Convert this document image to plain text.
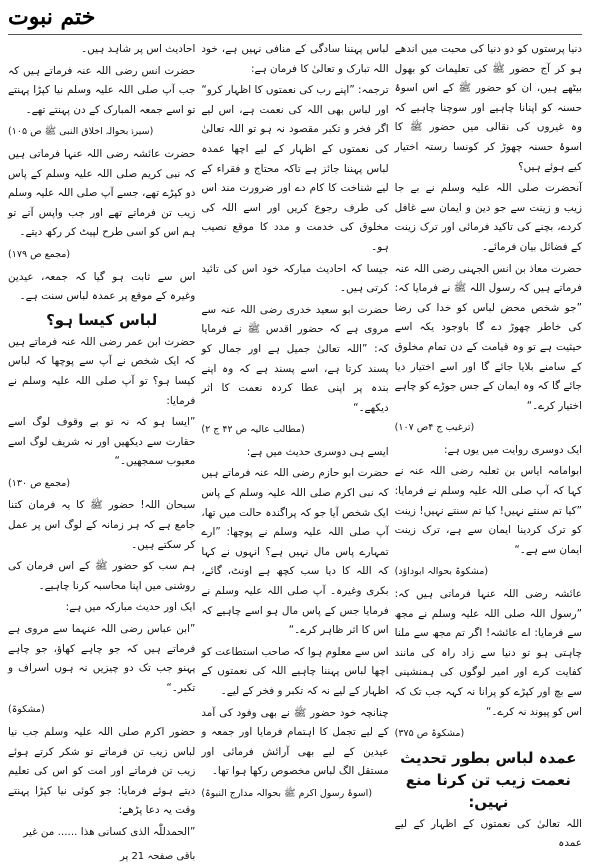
ختم نبوت

دنیا پرستوں کو دو دنیا کی محبت میں اندھے ہو کر آج حضور ﷺ کی تعلیمات کو بھول بیٹھے ہیں، ان کو حضور ﷺ کے اس اسوۂ حسنہ کو اپنانا چاہیے اور سوچنا چاہیے کہ وہ غیروں کی نقالی میں حضور ﷺ کا اسوۂ حسنہ چھوڑ کر کونسا رستہ اختیار کیے ہوئے ہیں؟

آنحضرت صلی اللہ علیہ وسلم نے بے جا زیب و زینت سے جو دین و ایمان سے غافل کردے، بچنے کی تاکید فرمائی اور ترک زینت کے فضائل بیان فرمائے۔

حضرت معاذ بن انس الجہنی رضی اللہ عنہ فرماتے ہیں کہ رسول اللہ ﷺ نے فرمایا کہ: ”جو شخص محض لباس کو خدا کی رضا کی خاطر چھوڑ دے گا باوجود یکہ اسے حیثیت ہے تو وہ قیامت کے دن تمام مخلوق کے سامنے بلایا جائے گا اور اسے اختیار دیا جائے گا کہ وہ ایمان کے جس جوڑے کو چاہے اختیار کرے۔“

(ترغیب ج ۴ص ۱۰۷)

ایک دوسری روایت میں یوں ہے:

ابوامامہ ایاس بن ثعلبہ رضی اللہ عنہ نے کہا کہ آپ صلی اللہ علیہ وسلم نے فرمایا: ”کیا تم سنتے نہیں! کیا تم سنتے نہیں! زینت کو ترک کردینا ایمان سے ہے، ترک زینت ایمان سے ہے۔“

(مشکوۃ بحوالہ ابوداؤد)

عائشہ رضی اللہ عنہا فرماتی ہیں کہ: ”رسول اللہ صلی اللہ علیہ وسلم نے مجھ سے فرمایا: اے عائشہ! اگر تم مجھ سے ملنا چاہتی ہو تو دنیا سے زاد راہ کی مانند کفایت کرے اور امیر لوگوں کی ہمنشینی سے بچ اور کپڑے کو پرانا نہ کہہ جب تک کہ اس کو پیوند نہ کرے۔“

(مشکوۃ ص ۳۷۵)

عمدہ لباس بطور تحدیث نعمت زیب تن کرنا منع نہیں:

اللہ تعالیٰ کی نعمتوں کے اظہار کے لیے عمدہ

لباس پہننا سادگی کے منافی نہیں ہے، خود اللہ تبارک و تعالیٰ کا فرمان ہے:

ترجمہ: ”اپنے رب کی نعمتوں کا اظہار کرو“ اور لباس بھی اللہ کی نعمت ہے، اس لیے اگر فخر و تکبر مقصود نہ ہو تو اللہ تعالیٰ کی نعمتوں کے اظہار کے لیے اچھا عمدہ لباس پہننا جائز ہے تاکہ محتاج و فقراء کے لیے شناخت کا کام دے اور ضرورت مند اس کی طرف رجوع کریں اور اسے اللہ کی مخلوق کی خدمت و مدد کا موقع نصیب ہو۔

جیسا کہ احادیث مبارکہ خود اس کی تائید کرتی ہیں۔

حضرت ابو سعید خدری رضی اللہ عنہ سے مروی ہے کہ حضور اقدس ﷺ نے فرمایا کہ: ”اللہ تعالیٰ جمیل ہے اور جمال کو پسند کرتا ہے، اسے پسند ہے کہ وہ اپنے بندہ پر اپنی عطا کردہ نعمت کا اثر دیکھے۔“

(مطالب عالیہ ص ۴۲ ج ۲)

ایسے ہی دوسری حدیث میں ہے:

حضرت ابو حازم رضی اللہ عنہ فرماتے ہیں کہ نبی اکرم صلی اللہ علیہ وسلم کے پاس ایک شخص آیا جو کہ پراگندہ حالت میں تھا، آپ صلی اللہ علیہ وسلم نے پوچھا: ”ارے تمہارے پاس مال نہیں ہے؟ انہوں نے کہا کہ اللہ کا دیا سب کچھ ہے اونٹ، گائے، بکری وغیرہ۔ آپ صلی اللہ علیہ وسلم نے فرمایا جس کے پاس مال ہو اسے چاہیے کہ اس کا اثر ظاہر کرے۔“

اس سے معلوم ہوا کہ صاحب استطاعت کو اچھا لباس پہننا چاہیے اللہ کی نعمتوں کے اظہار کے لیے نہ کہ تکبر و فخر کے لیے۔

چنانچہ خود حضور ﷺ نے بھی وفود کی آمد کے لیے تجمل کا اہتمام فرمایا اور جمعہ و عیدین کے لیے بھی آرائش فرمائی اور مستقل الگ لباس مخصوص رکھا ہوا تھا۔

(اسوۂ رسول اکرم ﷺ بحوالہ مدارج النبوۃ)

احادیث اس پر شاہد ہیں۔

حضرت انس رضی اللہ عنہ فرماتے ہیں کہ جب آپ صلی اللہ علیہ وسلم نیا کپڑا پہنتے تو اسے جمعہ المبارک کے دن پہنتے تھے۔

(سیرۃ بحوالہ اخلاق النبی ﷺ ص ۱۰۵)

حضرت عائشہ رضی اللہ عنہا فرماتی ہیں کہ نبی کریم صلی اللہ علیہ وسلم کے پاس دو کپڑے تھے، جسے آپ صلی اللہ علیہ وسلم زیب تن فرماتے تھے اور جب واپس آتے تو ہم اس کو اسی طرح لپیٹ کر رکھ دیتے۔

(مجمع ص ۱۷۹)

اس سے ثابت ہو گیا کہ جمعہ، عیدین وغیرہ کے موقع پر عمدہ لباس سنت ہے۔

لباس کیسا ہو؟

حضرت ابن عمر رضی اللہ عنہ فرماتے ہیں کہ ایک شخص نے آپ سے پوچھا کہ لباس کیسا ہو؟ تو آپ صلی اللہ علیہ وسلم نے فرمایا:

”ایسا ہو کہ نہ تو بے وقوف لوگ اسے حقارت سے دیکھیں اور نہ شریف لوگ اسے معیوب سمجھیں۔“

(مجمع ص ۱۳۰)

سبحان اللہ! حضور ﷺ کا یہ فرمان کتنا جامع ہے کہ ہر زمانہ کے لوگ اس پر عمل کر سکتے ہیں۔

ہم سب کو حضور ﷺ کے اس فرمان کی روشنی میں اپنا محاسبہ کرنا چاہیے۔

ایک اور حدیث مبارکہ میں ہے:

”ابن عباس رضی اللہ عنہما سے مروی ہے فرماتے ہیں کہ جو چاہے کھاؤ، جو چاہے پہنو جب تک دو چیزیں نہ ہوں اسراف و تکبر۔“

(مشکوۃ)

حضور اکرم صلی اللہ علیہ وسلم جب نیا لباس زیب تن فرماتے تو شکر کرتے ہوئے زیب تن فرماتے اور امت کو اس کی تعلیم دیتے ہوئے فرمایا: جو کوئی نیا کپڑا پہنتے وقت یہ دعا پڑھے:

”الحمدللّٰہ الذی کسانی ھذا ...... من غیر

باقی صفحہ 21 پر
